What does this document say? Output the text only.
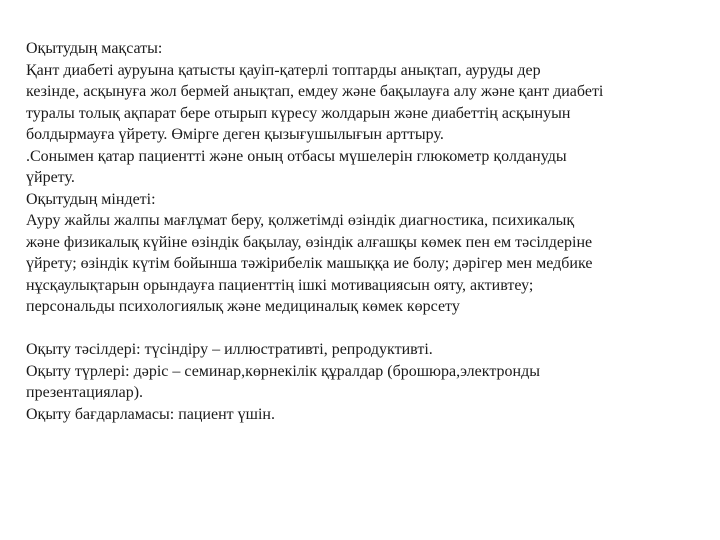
Оқытудың мақсаты:

Қант диабеті ауруына қатысты қауіп-қатерлі топтарды анықтап, ауруды дер

кезінде, асқынуға жол бермей анықтап, емдеу және бақылауға алу және қант диабеті

туралы толық ақпарат бере отырып күресу жолдарын және диабеттің асқынуын

болдырмауға үйрету. Өмірге деген қызығушылығын арттыру.

.Сонымен қатар пациентті және оның отбасы мүшелерін глюкометр қолдануды

үйрету.

Оқытудың міндеті:

Ауру жайлы жалпы мағлұмат беру, қолжетімді өзіндік диагностика, психикалық

және физикалық күйіне өзіндік бақылау, өзіндік алғашқы көмек пен ем тәсілдеріне

үйрету; өзіндік күтім бойынша тәжірибелік машыққа ие болу; дәрігер мен медбике

нұсқаулықтарын орындауға пациенттің ішкі мотивациясын ояту, активтеу;

персональды психологиялық және медициналық көмек көрсету

Оқыту тәсілдері: түсіндіру – иллюстративті, репродуктивті.

Оқыту түрлері: дәріс – семинар,көрнекілік құралдар (брошюра,электронды

презентациялар).

Оқыту бағдарламасы: пациент үшін.
